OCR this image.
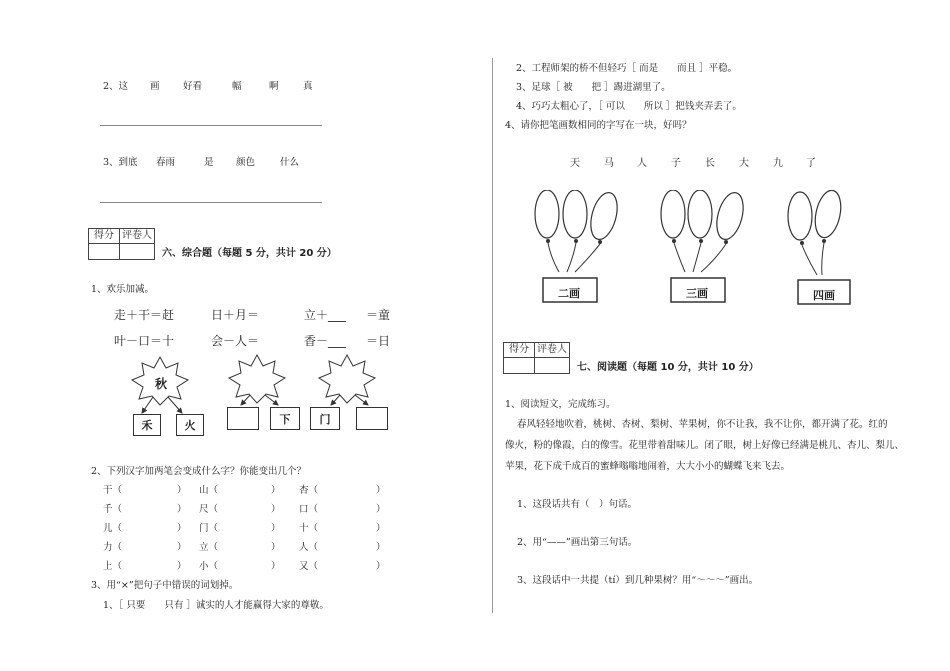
2、这 画 好看	幅	啊	真
3、到底 春雨	是 颜色	什么
得分 评卷人
六、综合题（每题 5 分，共计 20 分）
1、欢乐加减。
走＋干＝赶	日＋月＝	立＋___ ＝童
叶－口＝十	会－人＝	香－___ ＝日
秋
禾	火	下	门
2、下列汉字加两笔会变成什么字？你能变出几个？
干（	） 山（	） 杏（	）
千（	） 尺（	） 口（	）
儿（	） 门（	） 十（	）
力（	） 立（	） 人（	）
上（	） 小（	） 又（	）
3、用“×”把句子中错误的词划掉。
1、［ 只要　　只有 ］诚实的人才能赢得大家的尊敬。
2、工程师架的桥不但轻巧［ 而是　　而且 ］平稳。
3、足球［ 被　　把 ］踢进湖里了。
4、巧巧太粗心了，［ 可以　　所以 ］把钱夹弄丢了。
4、请你把笔画数相同的字写在一块，好吗？
天 马 人 子 长 大 九 了
二画	三画	四画
得分 评卷人
七、阅读题（每题 10 分，共计 10 分）
1、阅读短文，完成练习。
春风轻轻地吹着，桃树、杏树、梨树、苹果树，你不让我，我不让你，都开满了花。红的
像火，粉的像霞，白的像雪。花里带着甜味儿。闭了眼，树上好像已经满是桃儿、杏儿、梨儿、
苹果，花下成千成百的蜜蜂嗡嗡地闹着，大大小小的蝴蝶飞来飞去。
1、这段话共有（　）句话。
2、用“——”画出第三句话。
3、这段话中一共提（tí）到几种果树？用“～～～”画出。
